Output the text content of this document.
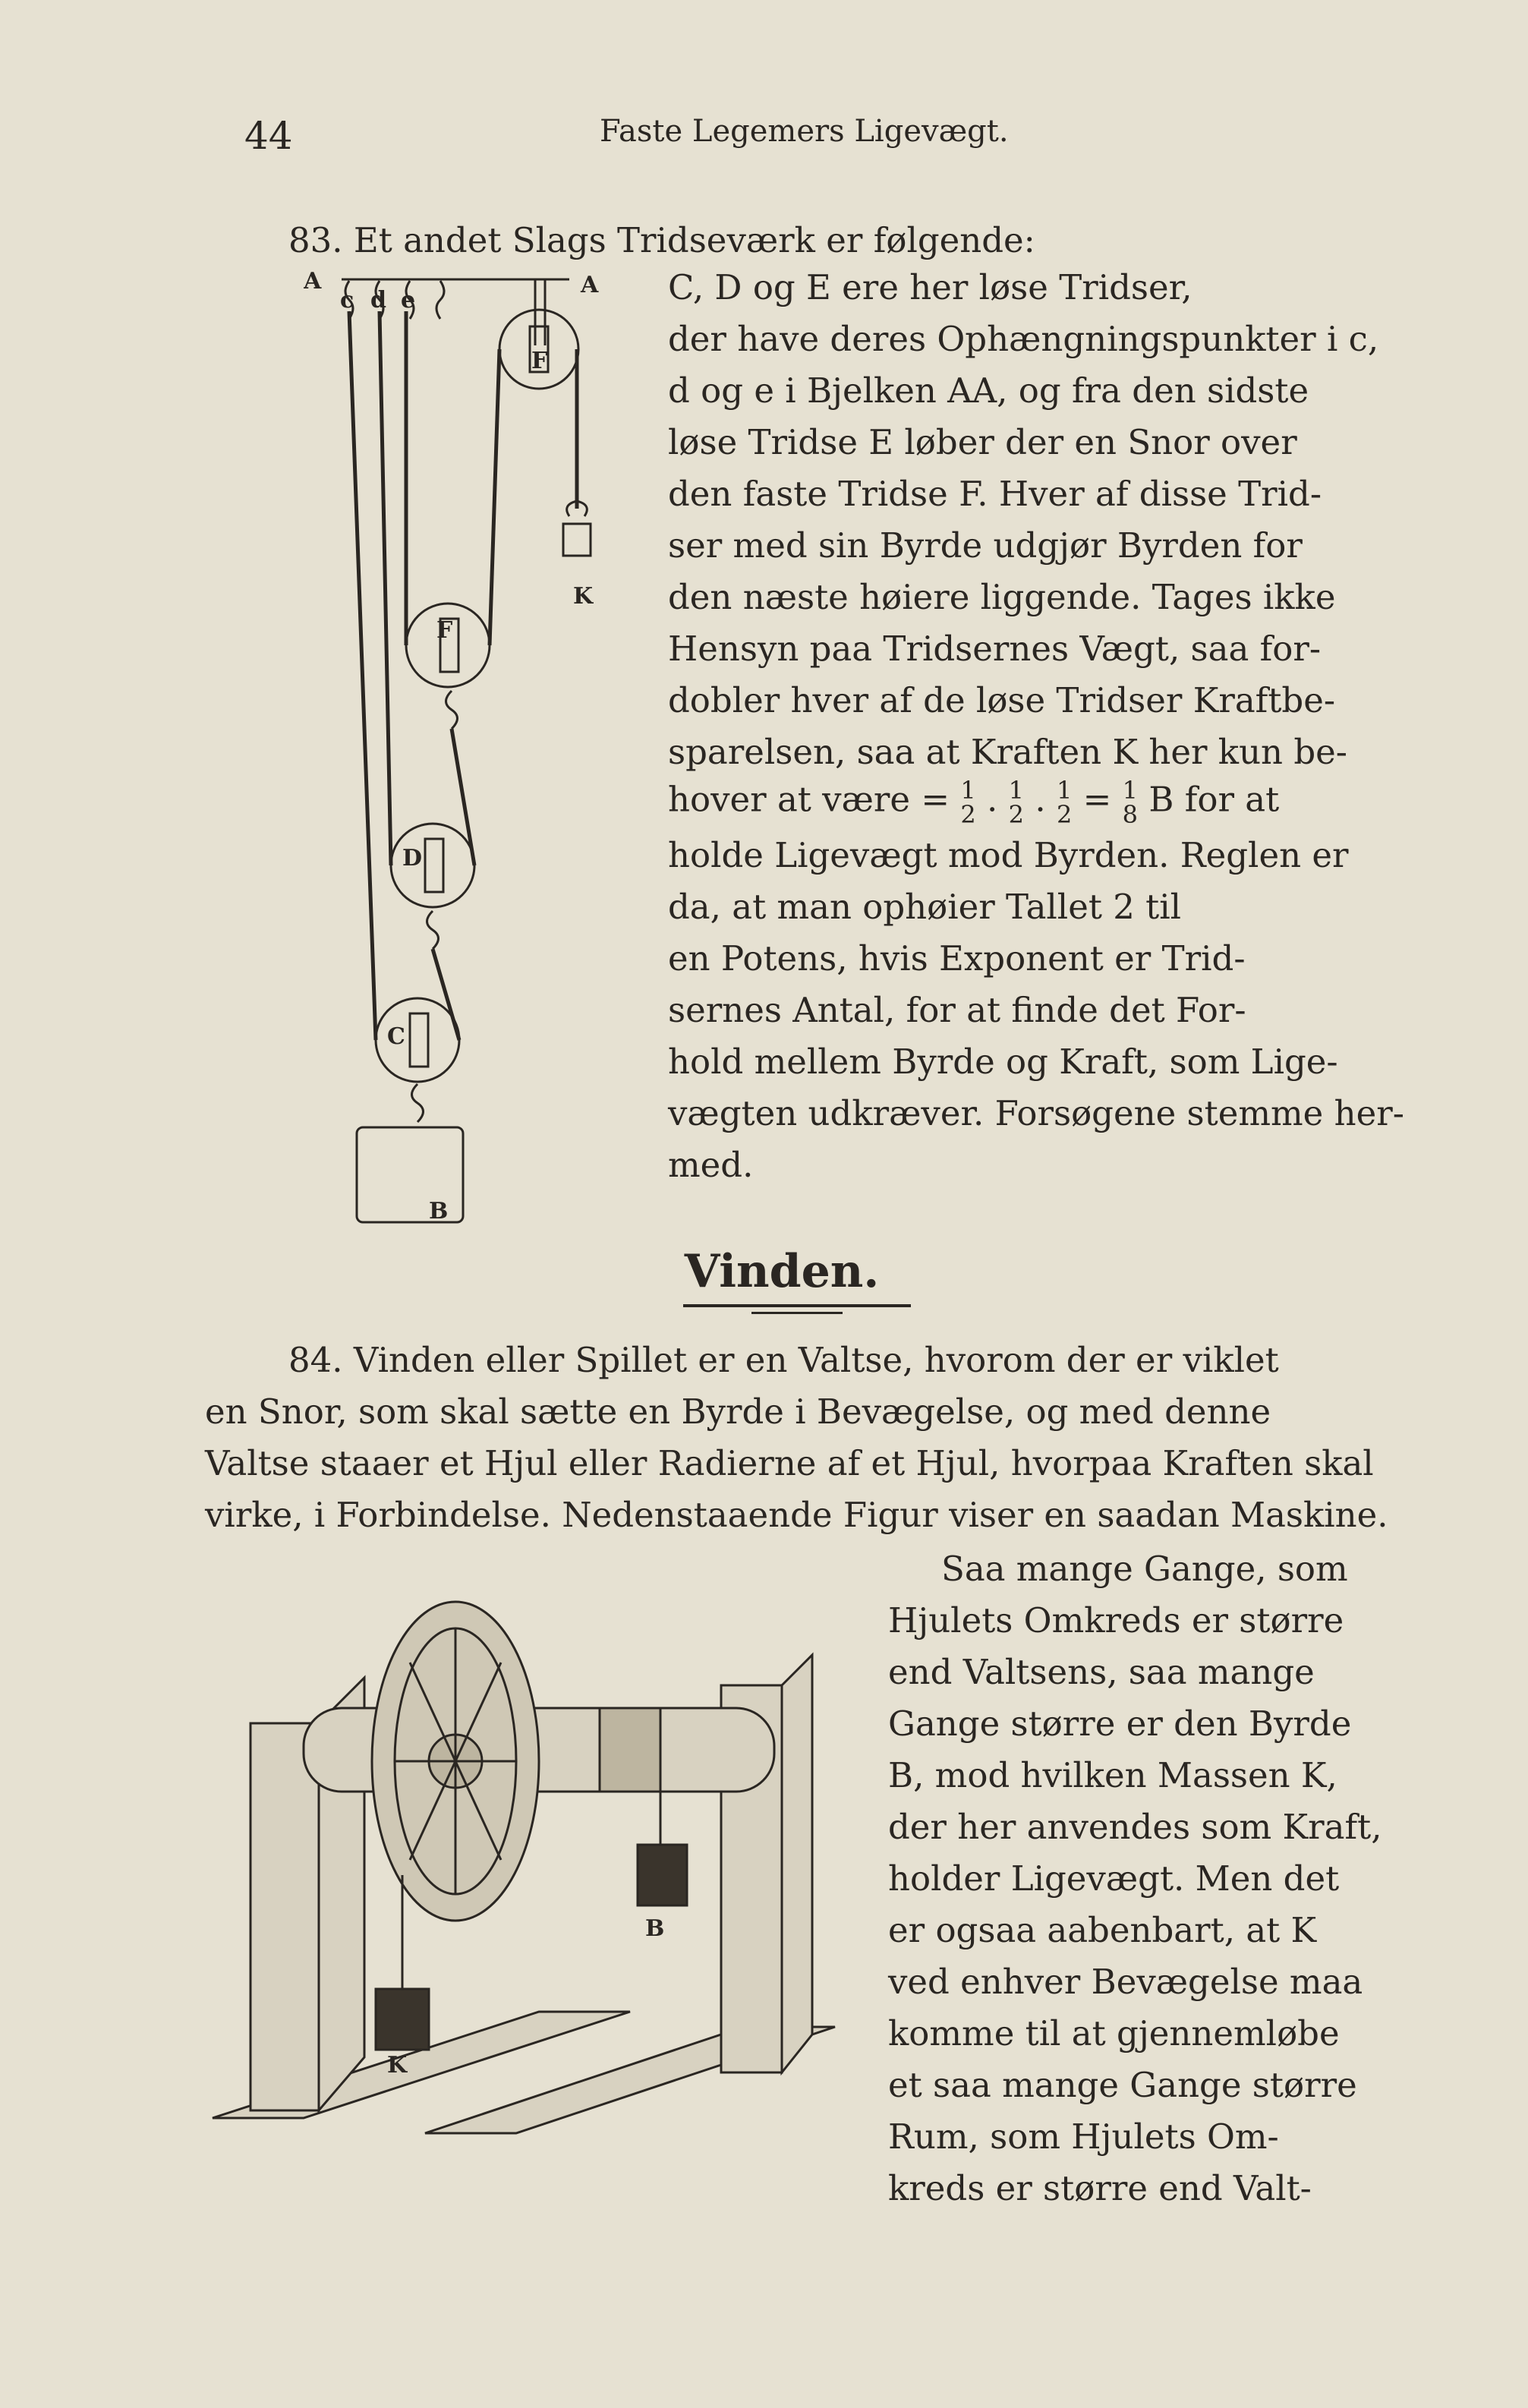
44	Faste Legemers Ligevægt.
83. Et andet Slags Tridseværk er følgende:
A	A
c d e
F
F
D
C
K
B
C, D og E ere her løse Tridser,
der have deres Ophængningspunkter i c,
d og e i Bjelken AA, og fra den sidste
løse Tridse E løber der en Snor over
den faste Tridse F. Hver af disse Trid-
ser med sin Byrde udgjør Byrden for
den næste høiere liggende. Tages ikke
Hensyn paa Tridsernes Vægt, saa for-
dobler hver af de løse Tridser Kraftbe-
sparelsen, saa at Kraften K her kun be-
hover at være = 1
2 . 1
2 . 1
2 = 1
8 B for at
holde Ligevægt mod Byrden. Reglen er
da, at man ophøier Tallet 2 til
en Potens, hvis Exponent er Trid-
sernes Antal, for at finde det For-
hold mellem Byrde og Kraft, som Lige-
vægten udkræver. Forsøgene stemme her-
med.
Vinden.
84. Vinden eller Spillet er en Valtse, hvorom der er viklet
en Snor, som skal sætte en Byrde i Bevægelse, og med denne
Valtse staaer et Hjul eller Radierne af et Hjul, hvorpaa Kraften skal
virke, i Forbindelse. Nedenstaaende Figur viser en saadan Maskine.
K
B
Saa mange Gange, som
Hjulets Omkreds er større
end Valtsens, saa mange
Gange større er den Byrde
B, mod hvilken Massen K,
der her anvendes som Kraft,
holder Ligevægt. Men det
er ogsaa aabenbart, at K
ved enhver Bevægelse maa
komme til at gjennemløbe
et saa mange Gange større
Rum, som Hjulets Om-
kreds er større end Valt-
